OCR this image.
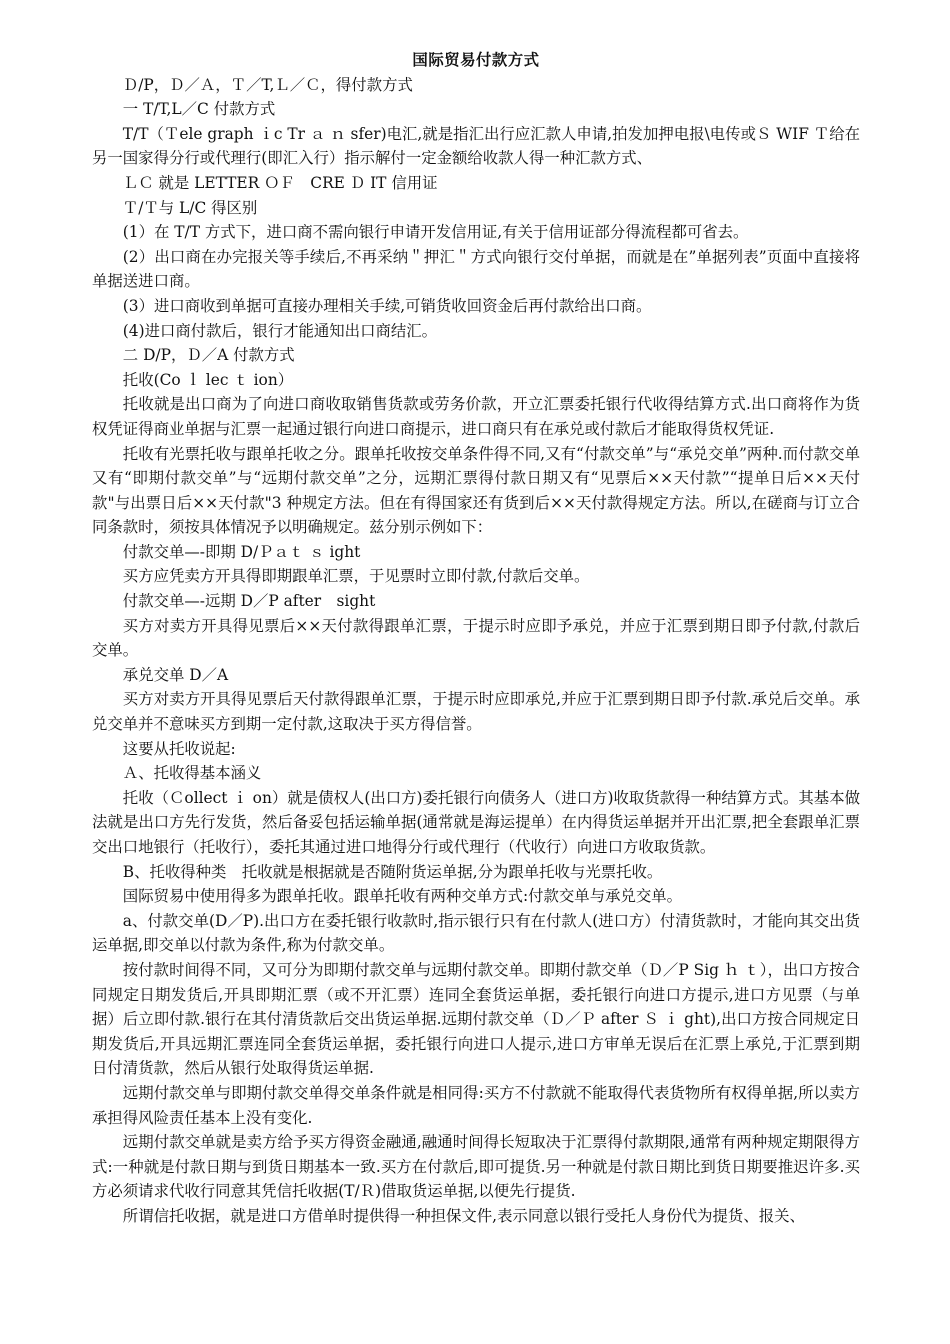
国际贸易付款方式

Ｄ/P，Ｄ／Ａ，Ｔ／T,Ｌ／Ｃ，得付款方式

一 T/T,L／C 付款方式

T/T（Ｔele graph ｉc Tr ａ ｎ sfer)电汇,就是指汇出行应汇款人申请,拍发加押电报\电传或Ｓ WIF Ｔ给在另一国家得分行或代理行(即汇入行）指示解付一定金额给收款人得一种汇款方式、

ＬＣ 就是 LETTER ＯＦ　CRE Ｄ IT 信用证

Ｔ/Ｔ与 L/C 得区别

(1）在 T/T 方式下，进口商不需向银行申请开发信用证,有关于信用证部分得流程都可省去。

(2）出口商在办完报关等手续后,不再采纳＂押汇＂方式向银行交付单据，而就是在”单据列表”页面中直接将单据送进口商。

(3）进口商收到单据可直接办理相关手续,可销货收回资金后再付款给出口商。

(4)进口商付款后，银行才能通知出口商结汇。

二 D/P，Ｄ／A 付款方式

托收(Co ｌ lec ｔ ion）

托收就是出口商为了向进口商收取销售货款或劳务价款，开立汇票委托银行代收得结算方式.出口商将作为货权凭证得商业单据与汇票一起通过银行向进口商提示，进口商只有在承兑或付款后才能取得货权凭证.

托收有光票托收与跟单托收之分。跟单托收按交单条件得不同,又有“付款交单”与“承兑交单”两种.而付款交单又有“即期付款交单”与“远期付款交单”之分，远期汇票得付款日期又有“见票后××天付款”“提单日后××天付款"与出票日后××天付款"3 种规定方法。但在有得国家还有货到后××天付款得规定方法。所以,在磋商与订立合同条款时，须按具体情况予以明确规定。兹分别示例如下：

付款交单—-即期 D/Ｐａｔ ｓ ight

买方应凭卖方开具得即期跟单汇票，于见票时立即付款,付款后交单。

付款交单—-远期 D／P after　sight

买方对卖方开具得见票后××天付款得跟单汇票，于提示时应即予承兑，并应于汇票到期日即予付款,付款后交单。

承兑交单 D／A

买方对卖方开具得见票后天付款得跟单汇票，于提示时应即承兑,并应于汇票到期日即予付款.承兑后交单。承兑交单并不意味买方到期一定付款,这取决于买方得信誉。

这要从托收说起:

Ａ、托收得基本涵义

托收（Ｃollect ｉ on）就是债权人(出口方)委托银行向债务人（进口方)收取货款得一种结算方式。其基本做法就是出口方先行发货，然后备妥包括运输单据(通常就是海运提单）在内得货运单据并开出汇票,把全套跟单汇票交出口地银行（托收行），委托其通过进口地得分行或代理行（代收行）向进口方收取货款。

B、托收得种类　托收就是根据就是否随附货运单据,分为跟单托收与光票托收。

国际贸易中使用得多为跟单托收。跟单托收有两种交单方式:付款交单与承兑交单。

a、付款交单(D／P).出口方在委托银行收款时,指示银行只有在付款人(进口方）付清货款时，才能向其交出货运单据,即交单以付款为条件,称为付款交单。

按付款时间得不同，又可分为即期付款交单与远期付款交单。即期付款交单（Ｄ／P Sig ｈ ｔ），出口方按合同规定日期发货后,开具即期汇票（或不开汇票）连同全套货运单据，委托银行向进口方提示,进口方见票（与单据）后立即付款.银行在其付清货款后交出货运单据.远期付款交单（Ｄ／Ｐ after Ｓ ｉ ght),出口方按合同规定日期发货后,开具远期汇票连同全套货运单据，委托银行向进口人提示,进口方审单无误后在汇票上承兑,于汇票到期日付清货款，然后从银行处取得货运单据.

远期付款交单与即期付款交单得交单条件就是相同得:买方不付款就不能取得代表货物所有权得单据,所以卖方承担得风险责任基本上没有变化.

远期付款交单就是卖方给予买方得资金融通,融通时间得长短取决于汇票得付款期限,通常有两种规定期限得方式:一种就是付款日期与到货日期基本一致.买方在付款后,即可提货.另一种就是付款日期比到货日期要推迟许多.买方必须请求代收行同意其凭信托收据(T/Ｒ)借取货运单据,以便先行提货.

所谓信托收据，就是进口方借单时提供得一种担保文件,表示同意以银行受托人身份代为提货、报关、
